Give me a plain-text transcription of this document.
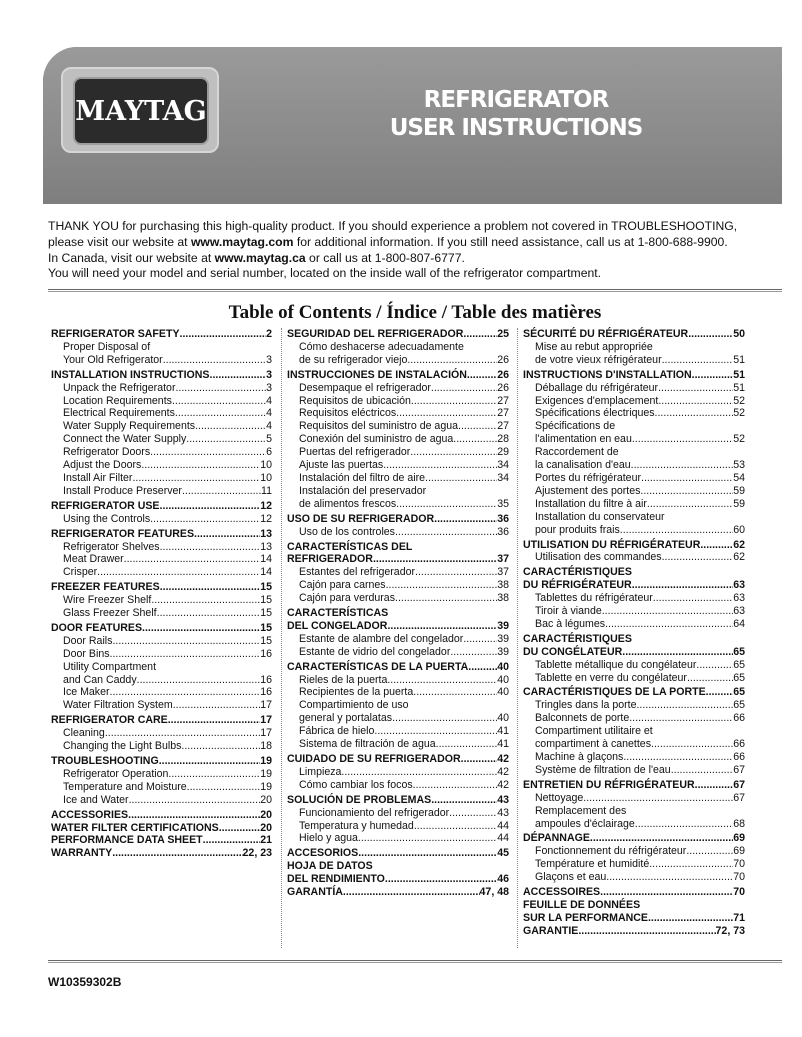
MAYTAG	REFRIGERATOR
USER INSTRUCTIONS

THANK YOU for purchasing this high-quality product. If you should experience a problem not covered in TROUBLESHOOTING,

please visit our website at www.maytag.com for additional information. If you still need assistance, call us at 1-800-688-9900.

In Canada, visit our website at www.maytag.ca or call us at 1-800-807-6777.

You will need your model and serial number, located on the inside wall of the refrigerator compartment.
Table of Contents / Índice / Table des matières
REFRIGERATOR SAFETY .....	2
Proper Disposal of
Your Old Refrigerator .....	3
INSTALLATION INSTRUCTIONS .....	3
Unpack the Refrigerator .....	3
Location Requirements .....	4
Electrical Requirements .....	4
Water Supply Requirements .....	4
Connect the Water Supply .....	5
Refrigerator Doors .....	6
Adjust the Doors .....	10
Install Air Filter .....	10
Install Produce Preserver .....	11
REFRIGERATOR USE .....	12
Using the Controls .....	12
REFRIGERATOR FEATURES .....	13
Refrigerator Shelves .....	13
Meat Drawer .....	14
Crisper .....	14
FREEZER FEATURES .....	15
Wire Freezer Shelf .....	15
Glass Freezer Shelf .....	15
DOOR FEATURES .....	15
Door Rails .....	15
Door Bins .....	16
Utility Compartment
and Can Caddy .....	16
Ice Maker .....	16
Water Filtration System .....	17
REFRIGERATOR CARE .....	17
Cleaning .....	17
Changing the Light Bulbs .....	18
TROUBLESHOOTING .....	19
Refrigerator Operation .....	19
Temperature and Moisture .....	19
Ice and Water .....	20
ACCESSORIES .....	20
WATER FILTER CERTIFICATIONS .....	20
PERFORMANCE DATA SHEET .....	21
WARRANTY .....	22, 23
SEGURIDAD DEL REFRIGERADOR .....	25
Cómo deshacerse adecuadamente
de su refrigerador viejo .....	26
INSTRUCCIONES DE INSTALACIÓN .....	26
Desempaque el refrigerador .....	26
Requisitos de ubicación .....	27
Requisitos eléctricos .....	27
Requisitos del suministro de agua .....	27
Conexión del suministro de agua .....	28
Puertas del refrigerador .....	29
Ajuste las puertas .....	34
Instalación del filtro de aire .....	34
Instalación del preservador
de alimentos frescos .....	35
USO DE SU REFRIGERADOR .....	36
Uso de los controles .....	36
CARACTERÍSTICAS DEL
REFRIGERADOR .....	37
Estantes del refrigerador .....	37
Cajón para carnes .....	38
Cajón para verduras .....	38
CARACTERÍSTICAS
DEL CONGELADOR .....	39
Estante de alambre del congelador .....	39
Estante de vidrio del congelador .....	39
CARACTERÍSTICAS DE LA PUERTA .....	40
Rieles de la puerta .....	40
Recipientes de la puerta .....	40
Compartimiento de uso
general y portalatas .....	40
Fábrica de hielo .....	41
Sistema de filtración de agua .....	41
CUIDADO DE SU REFRIGERADOR .....	42
Limpieza .....	42
Cómo cambiar los focos .....	42
SOLUCIÓN DE PROBLEMAS .....	43
Funcionamiento del refrigerador .....	43
Temperatura y humedad .....	44
Hielo y agua .....	44
ACCESORIOS .....	45
HOJA DE DATOS
DEL RENDIMIENTO .....	46
GARANTÍA .....	47, 48
SÉCURITÉ DU RÉFRIGÉRATEUR .....	50
Mise au rebut appropriée
de votre vieux réfrigérateur .....	51
INSTRUCTIONS D'INSTALLATION .....	51
Déballage du réfrigérateur .....	51
Exigences d'emplacement .....	52
Spécifications électriques .....	52
Spécifications de
l'alimentation en eau .....	52
Raccordement de
la canalisation d'eau .....	53
Portes du réfrigérateur .....	54
Ajustement des portes .....	59
Installation du filtre à air .....	59
Installation du conservateur
pour produits frais .....	60
UTILISATION DU RÉFRIGÉRATEUR .....	62
Utilisation des commandes .....	62
CARACTÉRISTIQUES
DU RÉFRIGÉRATEUR .....	63
Tablettes du réfrigérateur .....	63
Tiroir à viande .....	63
Bac à légumes .....	64
CARACTÉRISTIQUES
DU CONGÉLATEUR .....	65
Tablette métallique du congélateur .....	65
Tablette en verre du congélateur .....	65
CARACTÉRISTIQUES DE LA PORTE .....	65
Tringles dans la porte .....	65
Balconnets de porte .....	66
Compartiment utilitaire et
compartiment à canettes .....	66
Machine à glaçons .....	66
Système de filtration de l'eau .....	67
ENTRETIEN DU RÉFRIGÉRATEUR .....	67
Nettoyage .....	67
Remplacement des
ampoules d'éclairage .....	68
DÉPANNAGE .....	69
Fonctionnement du réfrigérateur .....	69
Température et humidité .....	70
Glaçons et eau .....	70
ACCESSOIRES .....	70
FEUILLE DE DONNÉES
SUR LA PERFORMANCE .....	71
GARANTIE .....	72, 73
W10359302B
